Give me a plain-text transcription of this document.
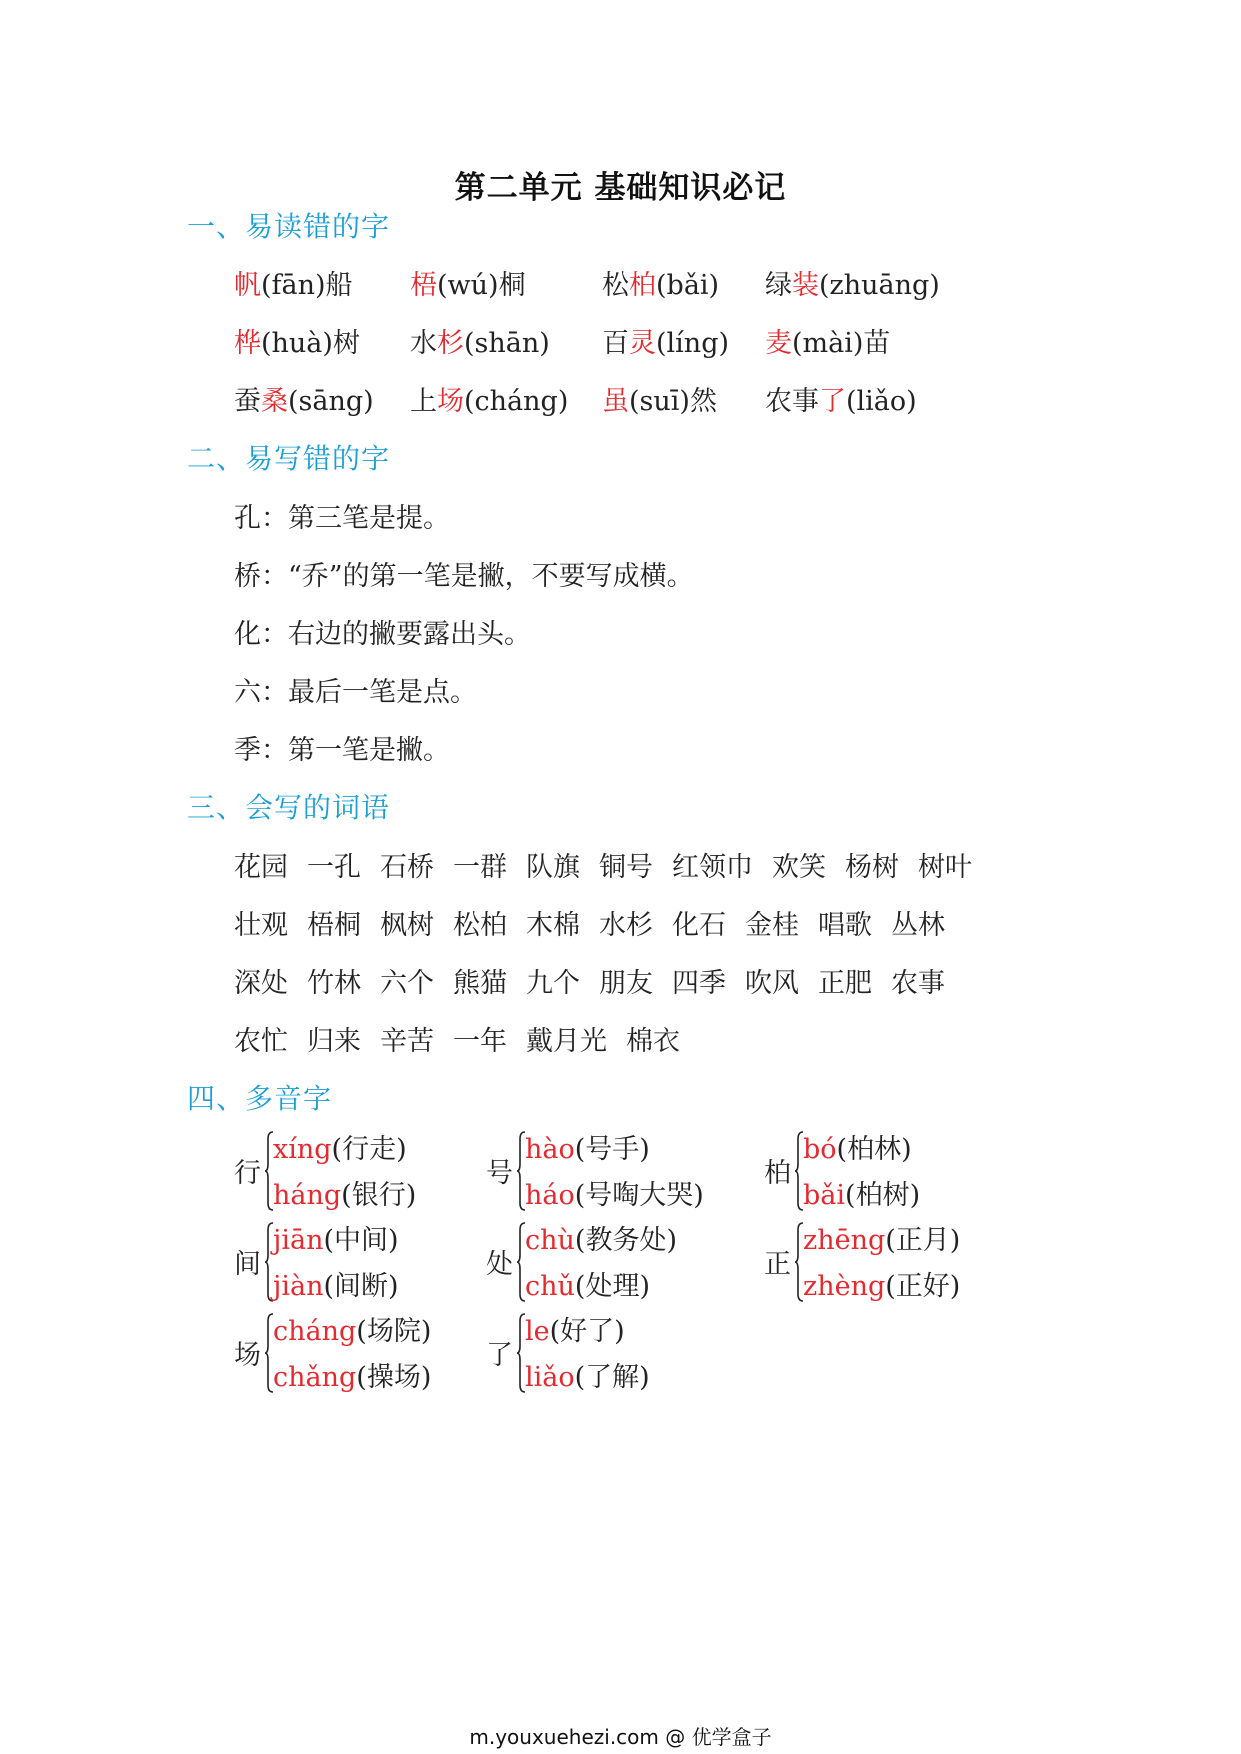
第二单元 基础知识必记
一、易读错的字
帆(fān)船 梧(wú)桐	松柏(bǎi) 绿装(zhuāng)
桦(huà)树 水杉(shān) 百灵(líng) 麦(mài)苗
蚕桑(sāng) 上场(cháng) 虽(suī)然 农事了(liǎo)
二、易写错的字
孔：第三笔是提。
桥：“乔”的第一笔是撇，不要写成横。
化：右边的撇要露出头。
六：最后一笔是点。
季：第一笔是撇。
三、会写的词语
花园 一孔 石桥 一群 队旗 铜号 红领巾 欢笑 杨树 树叶
壮观 梧桐 枫树 松柏 木棉 水杉 化石 金桂 唱歌 丛林
深处 竹林 六个 熊猫 九个 朋友 四季 吹风 正肥 农事
农忙 归来 辛苦 一年 戴月光 棉衣
四、多音字
行
xíng(行走)
háng(银行)
号
hào(号手)
háo(号啕大哭)
柏
bó(柏林)
bǎi(柏树)
间
jiān(中间)
jiàn(间断)
处
chù(教务处)
chǔ(处理)
正
zhēng(正月)
zhèng(正好)
场
cháng(场院)
chǎng(操场)
了
le(好了)
liǎo(了解)
m.youxuehezi.com @ 优学盒子
